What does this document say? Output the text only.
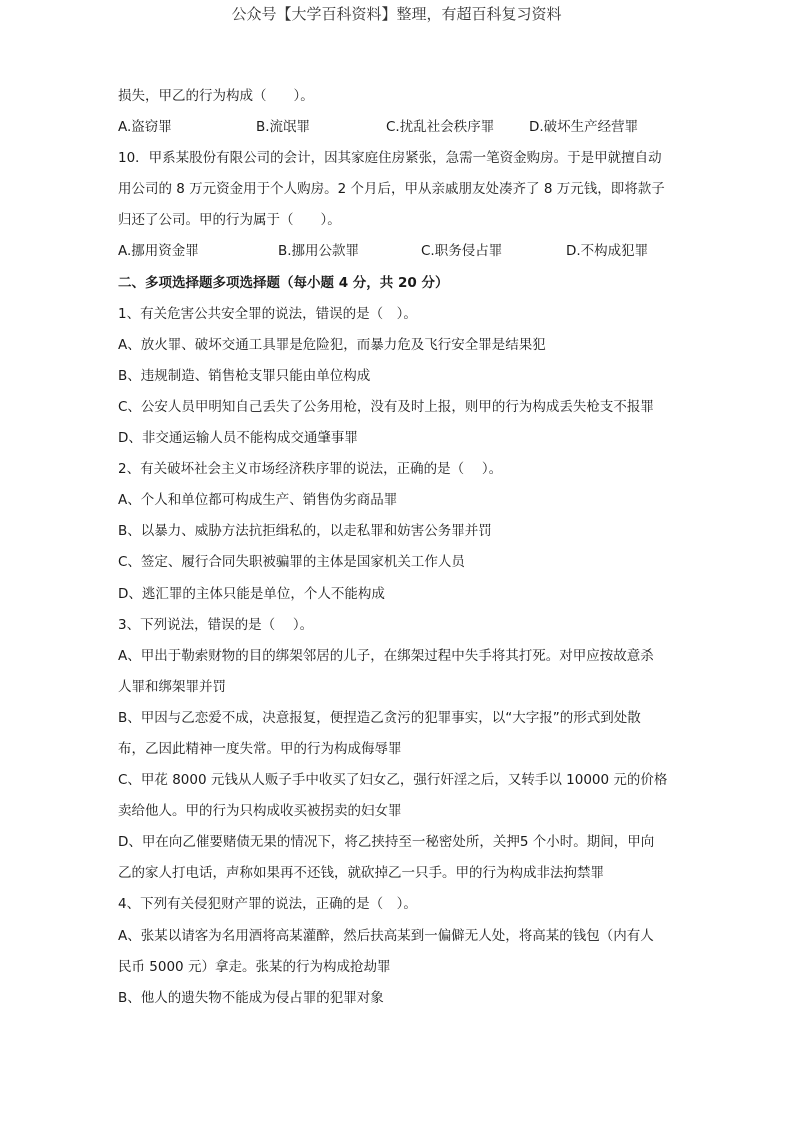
公众号【大学百科资料】整理，有超百科复习资料
损失，甲乙的行为构成（　　）。
A.盗窃罪	B.流氓罪	C.扰乱社会秩序罪	D.破坏生产经营罪
10．甲系某股份有限公司的会计，因其家庭住房紧张，急需一笔资金购房。于是甲就擅自动
用公司的 8 万元资金用于个人购房。2 个月后，甲从亲戚朋友处凑齐了 8 万元钱，即将款子
归还了公司。甲的行为属于（　　）。
A.挪用资金罪	B.挪用公款罪	C.职务侵占罪	D.不构成犯罪
二、多项选择题多项选择题（每小题 4 分，共 20 分）
1、有关危害公共安全罪的说法，错误的是（　）。
A、放火罪、破坏交通工具罪是危险犯，而暴力危及飞行安全罪是结果犯
B、违规制造、销售枪支罪只能由单位构成
C、公安人员甲明知自己丢失了公务用枪，没有及时上报，则甲的行为构成丢失枪支不报罪
D、非交通运输人员不能构成交通肇事罪
2、有关破坏社会主义市场经济秩序罪的说法，正确的是（　 ）。
A、个人和单位都可构成生产、销售伪劣商品罪
B、以暴力、威胁方法抗拒缉私的，以走私罪和妨害公务罪并罚
C、签定、履行合同失职被骗罪的主体是国家机关工作人员
D、逃汇罪的主体只能是单位，个人不能构成
3、下列说法，错误的是（　 ）。
A、甲出于勒索财物的目的绑架邻居的儿子，在绑架过程中失手将其打死。对甲应按故意杀
人罪和绑架罪并罚
B、甲因与乙恋爱不成，决意报复，便捏造乙贪污的犯罪事实，以“大字报”的形式到处散
布，乙因此精神一度失常。甲的行为构成侮辱罪
C、甲花 8000 元钱从人贩子手中收买了妇女乙，强行奸淫之后，又转手以 10000 元的价格
卖给他人。甲的行为只构成收买被拐卖的妇女罪
D、甲在向乙催要赌债无果的情况下，将乙挟持至一秘密处所，关押5 个小时。期间，甲向
乙的家人打电话，声称如果再不还钱，就砍掉乙一只手。甲的行为构成非法拘禁罪
4、下列有关侵犯财产罪的说法，正确的是（　）。
A、张某以请客为名用酒将高某灌醉，然后扶高某到一偏僻无人处，将高某的钱包（内有人
民币 5000 元）拿走。张某的行为构成抢劫罪
B、他人的遗失物不能成为侵占罪的犯罪对象
